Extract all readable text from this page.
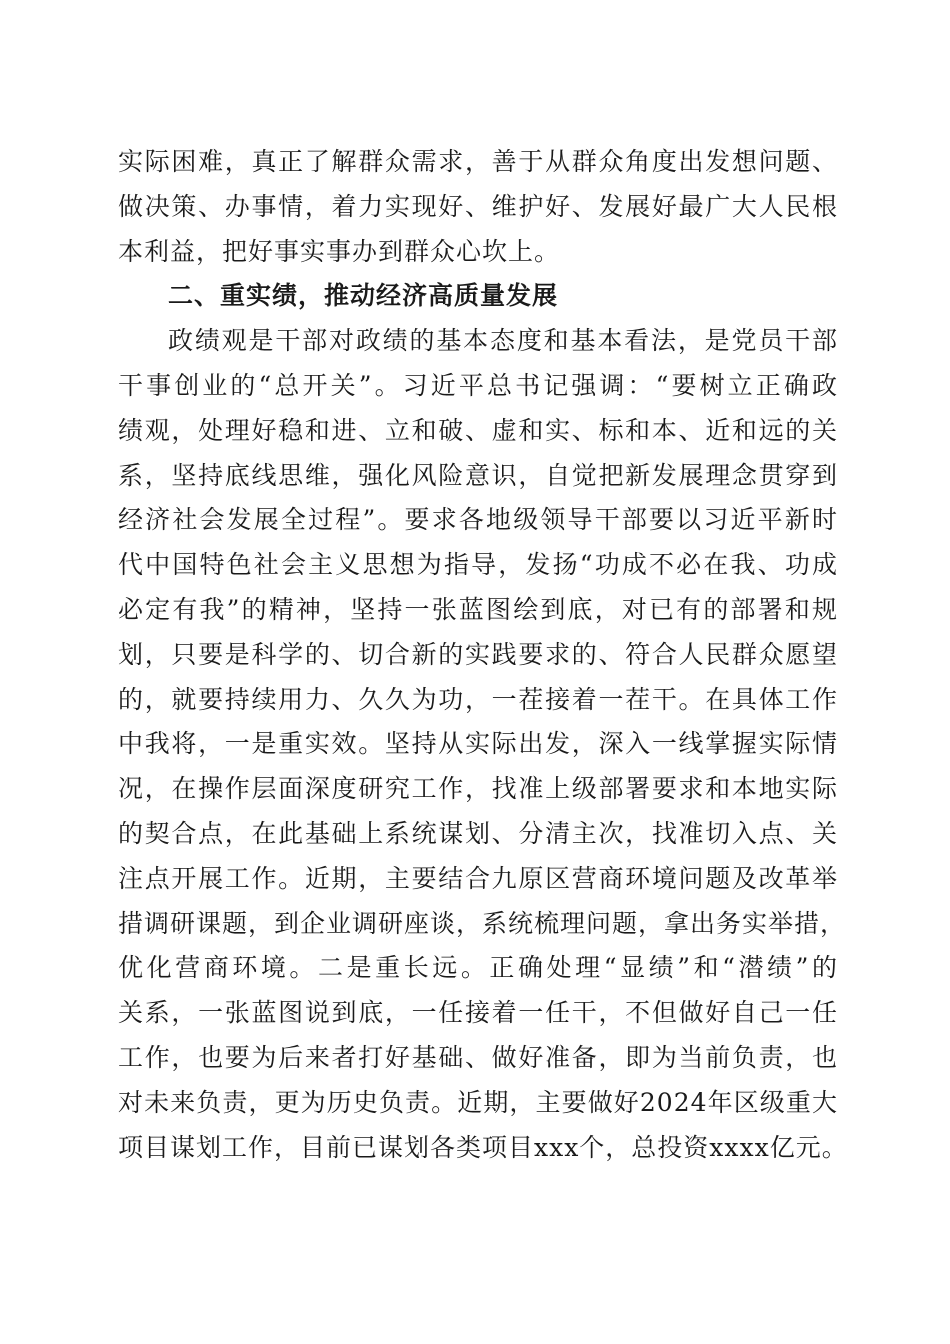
实际困难，真正了解群众需求，善于从群众角度出发想问题、
做决策、办事情，着力实现好、维护好、发展好最广大人民根
本利益，把好事实事办到群众心坎上。
二、重实绩，推动经济高质量发展
政绩观是干部对政绩的基本态度和基本看法，是党员干部
干事创业的“总开关”。习近平总书记强调：“要树立正确政
绩观，处理好稳和进、立和破、虚和实、标和本、近和远的关
系，坚持底线思维，强化风险意识，自觉把新发展理念贯穿到
经济社会发展全过程”。要求各地级领导干部要以习近平新时
代中国特色社会主义思想为指导，发扬“功成不必在我、功成
必定有我”的精神，坚持一张蓝图绘到底，对已有的部署和规
划，只要是科学的、切合新的实践要求的、符合人民群众愿望
的，就要持续用力、久久为功，一茬接着一茬干。在具体工作
中我将，一是重实效。坚持从实际出发，深入一线掌握实际情
况，在操作层面深度研究工作，找准上级部署要求和本地实际
的契合点，在此基础上系统谋划、分清主次，找准切入点、关
注点开展工作。近期，主要结合九原区营商环境问题及改革举
措调研课题，到企业调研座谈，系统梳理问题，拿出务实举措，
优化营商环境。二是重长远。正确处理“显绩”和“潜绩”的
关系，一张蓝图说到底，一任接着一任干，不但做好自己一任
工作，也要为后来者打好基础、做好准备，即为当前负责，也
对未来负责，更为历史负责。近期，主要做好2024年区级重大
项目谋划工作，目前已谋划各类项目xxx个，总投资xxxx亿元。
